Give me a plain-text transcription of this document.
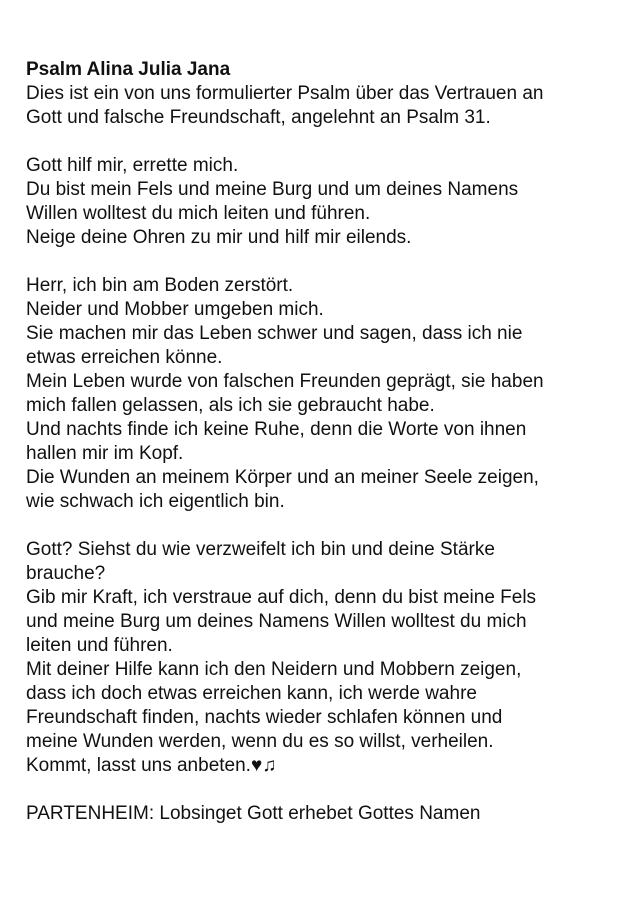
Psalm Alina Julia Jana
Dies ist ein von uns formulierter Psalm über das Vertrauen an
Gott und falsche Freundschaft, angelehnt an Psalm 31.
Gott hilf mir, errette mich.
Du bist mein Fels und meine Burg und um deines Namens
Willen wolltest du mich leiten und führen.
Neige deine Ohren zu mir und hilf mir eilends.
Herr, ich bin am Boden zerstört.
Neider und Mobber umgeben mich.
Sie machen mir das Leben schwer und sagen, dass ich nie
etwas erreichen könne.
Mein Leben wurde von falschen Freunden geprägt, sie haben
mich fallen gelassen, als ich sie gebraucht habe.
Und nachts finde ich keine Ruhe, denn die Worte von ihnen
hallen mir im Kopf.
Die Wunden an meinem Körper und an meiner Seele zeigen,
wie schwach ich eigentlich bin.
Gott? Siehst du wie verzweifelt ich bin und deine Stärke
brauche?
Gib mir Kraft, ich verstraue auf dich, denn du bist meine Fels
und meine Burg um deines Namens Willen wolltest du mich
leiten und führen.
Mit deiner Hilfe kann ich den Neidern und Mobbern zeigen,
dass ich doch etwas erreichen kann, ich werde wahre
Freundschaft finden, nachts wieder schlafen können und
meine Wunden werden, wenn du es so willst, verheilen.
Kommt, lasst uns anbeten.♥♫
PARTENHEIM: Lobsinget Gott erhebet Gottes Namen
